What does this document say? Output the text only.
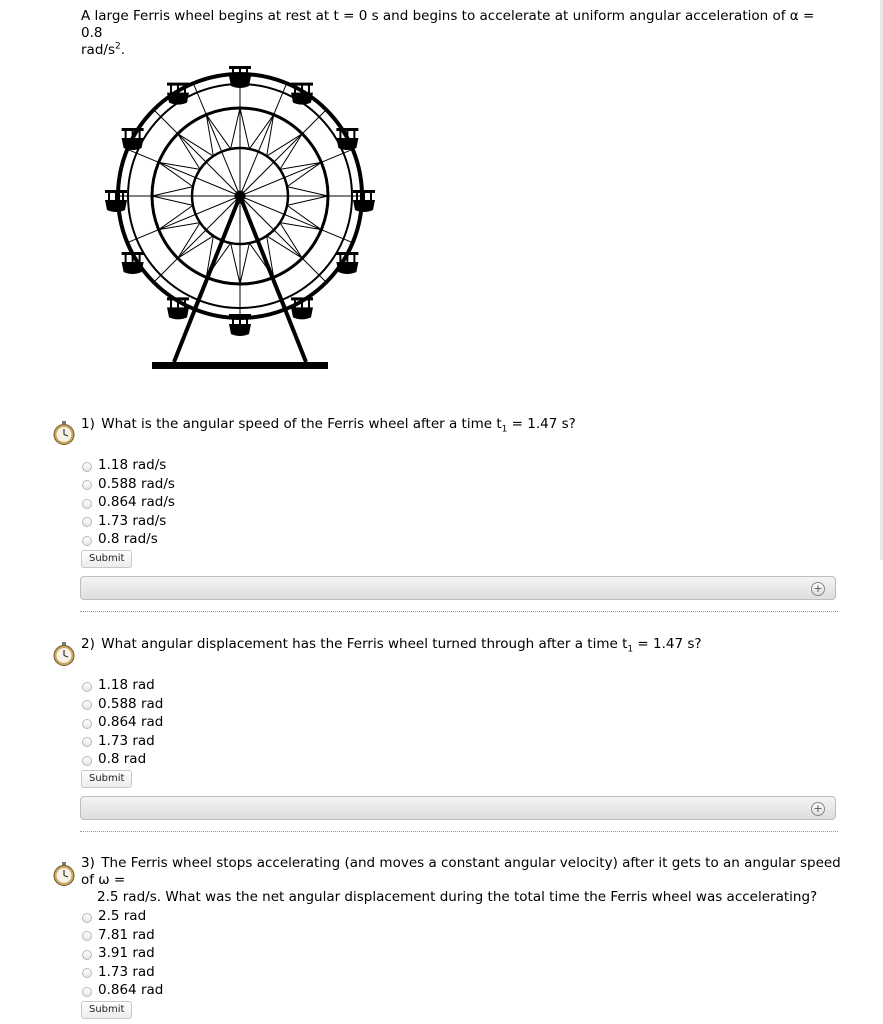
A large Ferris wheel begins at rest at t = 0 s and begins to accelerate at uniform angular acceleration of α = 0.8
rad/$s^2$.
1) What is the angular speed of the Ferris wheel after a time $t_1 = 1.47$ s?
1.18 rad/s
0.588 rad/s
0.864 rad/s
1.73 rad/s
0.8 rad/s
Submit
+
2) What angular displacement has the Ferris wheel turned through after a time $t_1 = 1.47$ s?
1.18 rad
0.588 rad
0.864 rad
1.73 rad
0.8 rad
Submit
+
3) The Ferris wheel stops accelerating (and moves a constant angular velocity) after it gets to an angular speed of ω =
2.5 rad/s. What was the net angular displacement during the total time the Ferris wheel was accelerating?
2.5 rad
7.81 rad
3.91 rad
1.73 rad
0.864 rad
Submit
